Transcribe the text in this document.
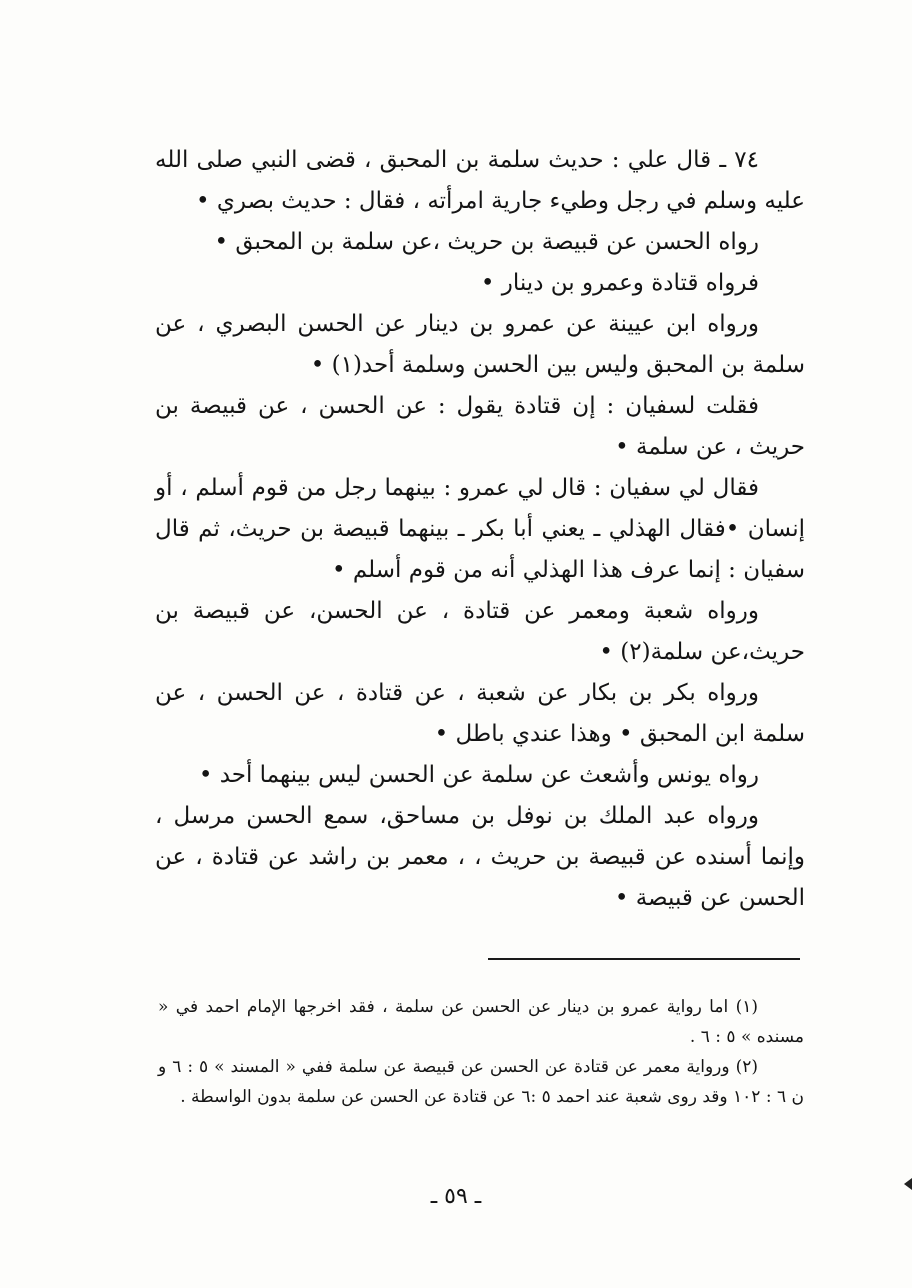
٧٤ ـ قال علي : حديث سلمة بن المحبق ، قضى النبي صلى الله عليه وسلم في رجل وطيء جارية امرأته ، فقال : حديث بصري •

رواه الحسن عن قبيصة بن حريث ،عن سلمة بن المحبق •

فرواه قتادة وعمرو بن دينار •

ورواه ابن عيينة عن عمرو بن دينار عن الحسن البصري ، عن سلمة بن المحبق وليس بين الحسن وسلمة أحد(١) •

فقلت لسفيان : إن قتادة يقول : عن الحسن ، عن قبيصة بن حريث ، عن سلمة •

فقال لي سفيان : قال لي عمرو : بينهما رجل من قوم أسلم ، أو إنسان •فقال الهذلي ـ يعني أبا بكر ـ بينهما قبيصة بن حريث، ثم قال سفيان : إنما عرف هذا الهذلي أنه من قوم أسلم •

ورواه شعبة ومعمر عن قتادة ، عن الحسن، عن قبيصة بن حريث،عن سلمة(٢) •

ورواه بكر بن بكار عن شعبة ، عن قتادة ، عن الحسن ، عن سلمة ابن المحبق • وهذا عندي باطل •

رواه يونس وأشعث عن سلمة عن الحسن ليس بينهما أحد •

ورواه عبد الملك بن نوفل بن مساحق، سمع الحسن مرسل ، وإنما أسنده عن قبيصة بن حريث ، ، معمر بن راشد عن قتادة ، عن الحسن عن قبيصة •

(١) اما رواية عمرو بن دينار عن الحسن عن سلمة ، فقد اخرجها الإمام احمد في « مسنده » ٥ : ٦ .

(٢) ورواية معمر عن قتادة عن الحسن عن قبيصة عن سلمة ففي « المسند » ٥ : ٦ و ن ٦ : ١٠٢ وقد روى شعبة عند احمد ٥ :٦ عن قتادة عن الحسن عن سلمة بدون الواسطة .

ـ ٥٩ ـ
